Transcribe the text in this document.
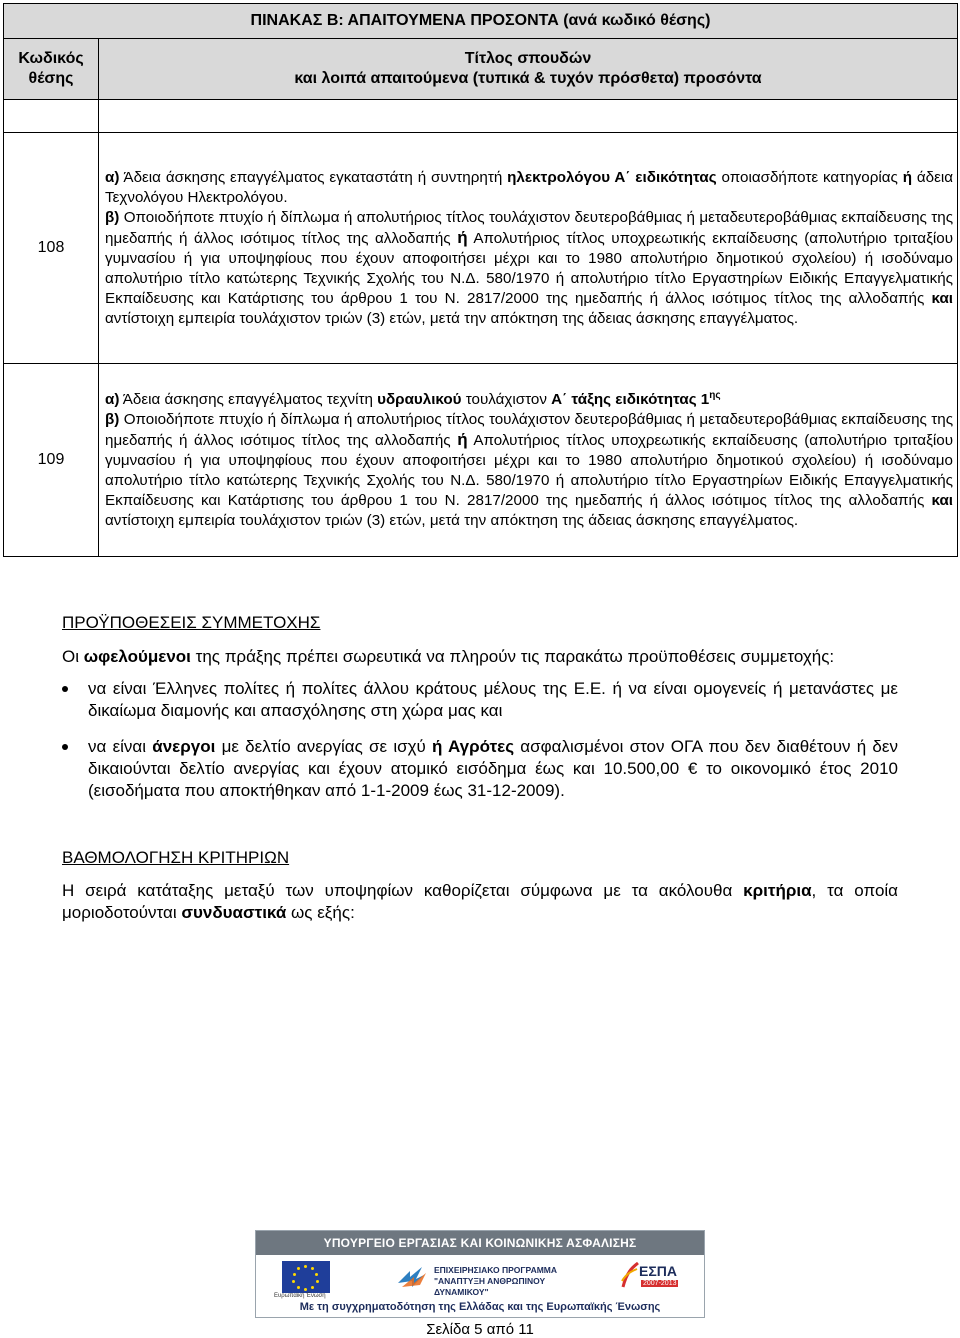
ΠΙΝΑΚΑΣ Β: ΑΠΑΙΤΟΥΜΕΝΑ ΠΡΟΣΟΝΤΑ (ανά κωδικό θέσης)	
Κωδικός θέσης	Τίτλος σπουδών
και λοιπά απαιτούμενα (τυπικά & τυχόν πρόσθετα) προσόντα

108	α) Άδεια άσκησης επαγγέλματος εγκαταστάτη ή συντηρητή ηλεκτρολόγου Α΄ ειδικότητας οποιασδήποτε κατηγορίας ή άδεια Τεχνολόγου Ηλεκτρολόγου.

β) Οποιοδήποτε πτυχίο ή δίπλωμα ή απολυτήριος τίτλος τουλάχιστον δευτεροβάθμιας ή μεταδευτεροβάθμιας εκπαίδευσης της ημεδαπής ή άλλος ισότιμος τίτλος της αλλοδαπής ή Απολυτήριος τίτλος υποχρεωτικής εκπαίδευσης (απολυτήριο τριταξίου γυμνασίου ή για υποψηφίους που έχουν αποφοιτήσει μέχρι και το 1980 απολυτήριο δημοτικού σχολείου) ή ισοδύναμο απολυτήριο τίτλο κατώτερης Τεχνικής Σχολής του Ν.Δ. 580/1970 ή απολυτήριο τίτλο Εργαστηρίων Ειδικής Επαγγελματικής Εκπαίδευσης και Κατάρτισης του άρθρου 1 του Ν. 2817/2000 της ημεδαπής ή άλλος ισότιμος τίτλος της αλλοδαπής και αντίστοιχη εμπειρία τουλάχιστον τριών (3) ετών, μετά την απόκτηση της άδειας άσκησης επαγγέλματος.

109	α) Άδεια άσκησης επαγγέλματος τεχνίτη υδραυλικού τουλάχιστον Α΄ τάξης ειδικότητας $1^{\eta\varsigma}$

β) Οποιοδήποτε πτυχίο ή δίπλωμα ή απολυτήριος τίτλος τουλάχιστον δευτεροβάθμιας ή μεταδευτεροβάθμιας εκπαίδευσης της ημεδαπής ή άλλος ισότιμος τίτλος της αλλοδαπής ή Απολυτήριος τίτλος υποχρεωτικής εκπαίδευσης (απολυτήριο τριταξίου γυμνασίου ή για υποψηφίους που έχουν αποφοιτήσει μέχρι και το 1980 απολυτήριο δημοτικού σχολείου) ή ισοδύναμο απολυτήριο τίτλο κατώτερης Τεχνικής Σχολής του Ν.Δ. 580/1970 ή απολυτήριο τίτλο Εργαστηρίων Ειδικής Επαγγελματικής Εκπαίδευσης και Κατάρτισης του άρθρου 1 του Ν. 2817/2000 της ημεδαπής ή άλλος ισότιμος τίτλος της αλλοδαπής και αντίστοιχη εμπειρία τουλάχιστον τριών (3) ετών, μετά την απόκτηση της άδειας άσκησης επαγγέλματος.

ΠΡΟΫΠΟΘΕΣΕΙΣ ΣΥΜΜΕΤΟΧΗΣ

Οι ωφελούμενοι της πράξης πρέπει σωρευτικά να πληρούν τις παρακάτω προϋποθέσεις συμμετοχής:

να είναι Έλληνες πολίτες ή πολίτες άλλου κράτους μέλους της Ε.Ε. ή να είναι ομογενείς ή μετανάστες με δικαίωμα διαμονής και απασχόλησης στη χώρα μας και
να είναι άνεργοι με δελτίο ανεργίας σε ισχύ ή Αγρότες ασφαλισμένοι στον ΟΓΑ που δεν διαθέτουν ή δεν δικαιούνται δελτίο ανεργίας και έχουν ατομικό εισόδημα έως και 10.500,00 € το οικονομικό έτος 2010 (εισοδήματα που αποκτήθηκαν από 1-1-2009 έως 31-12-2009).
ΒΑΘΜΟΛΟΓΗΣΗ ΚΡΙΤΗΡΙΩΝ

Η σειρά κατάταξης μεταξύ των υποψηφίων καθορίζεται σύμφωνα με τα ακόλουθα κριτήρια, τα οποία μοριοδοτούνται συνδυαστικά ως εξής:

ΥΠΟΥΡΓΕΙΟ ΕΡΓΑΣΙΑΣ ΚΑΙ ΚΟΙΝΩΝΙΚΗΣ ΑΣΦΑΛΙΣΗΣ
Ευρωπαϊκή Ένωση
ΕΠΙΧΕΙΡΗΣΙΑΚΟ ΠΡΟΓΡΑΜΜΑ
"ΑΝΑΠΤΥΞΗ ΑΝΘΡΩΠΙΝΟΥ ΔΥΝΑΜΙΚΟΥ"
ΕΣΠΑ
2007-2013
Με τη συγχρηματοδότηση της Ελλάδας και της Ευρωπαϊκής Ένωσης
Σελίδα 5 από 11
